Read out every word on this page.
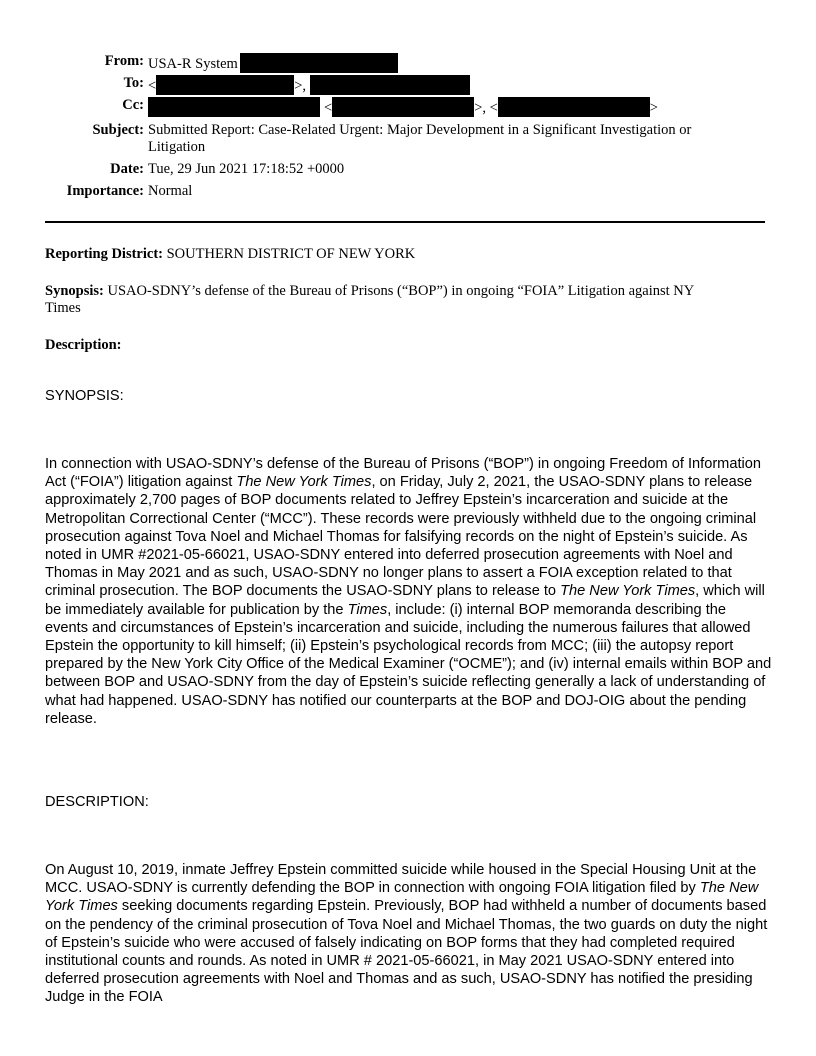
From: USA-R System
To: <	>,
Cc:	<	>, <	>
Subject: Submitted Report: Case-Related Urgent: Major Development in a Significant Investigation or
Litigation
Date: Tue, 29 Jun 2021 17:18:52 +0000
Importance: Normal
Reporting District: SOUTHERN DISTRICT OF NEW YORK
Synopsis: USAO-SDNY’s defense of the Bureau of Prisons (“BOP”) in ongoing “FOIA” Litigation against NY
Times
Description:
SYNOPSIS:
In connection with USAO-SDNY’s defense of the Bureau of Prisons (“BOP”) in ongoing Freedom of Information Act (“FOIA”) litigation against The New York Times, on Friday, July 2, 2021, the USAO-SDNY plans to release approximately 2,700 pages of BOP documents related to Jeffrey Epstein’s incarceration and suicide at the Metropolitan Correctional Center (“MCC”). These records were previously withheld due to the ongoing criminal prosecution against Tova Noel and Michael Thomas for falsifying records on the night of Epstein’s suicide. As noted in UMR #2021-05-66021, USAO-SDNY entered into deferred prosecution agreements with Noel and Thomas in May 2021 and as such, USAO-SDNY no longer plans to assert a FOIA exception related to that criminal prosecution. The BOP documents the USAO-SDNY plans to release to The New York Times, which will be immediately available for publication by the Times, include: (i) internal BOP memoranda describing the events and circumstances of Epstein’s incarceration and suicide, including the numerous failures that allowed Epstein the opportunity to kill himself; (ii) Epstein’s psychological records from MCC; (iii) the autopsy report prepared by the New York City Office of the Medical Examiner (“OCME”); and (iv) internal emails within BOP and between BOP and USAO-SDNY from the day of Epstein’s suicide reflecting generally a lack of understanding of what had happened. USAO-SDNY has notified our counterparts at the BOP and DOJ-OIG about the pending release.
DESCRIPTION:
On August 10, 2019, inmate Jeffrey Epstein committed suicide while housed in the Special Housing Unit at the MCC. USAO-SDNY is currently defending the BOP in connection with ongoing FOIA litigation filed by The New York Times seeking documents regarding Epstein. Previously, BOP had withheld a number of documents based on the pendency of the criminal prosecution of Tova Noel and Michael Thomas, the two guards on duty the night of Epstein’s suicide who were accused of falsely indicating on BOP forms that they had completed required institutional counts and rounds. As noted in UMR # 2021-05-66021, in May 2021 USAO-SDNY entered into deferred prosecution agreements with Noel and Thomas and as such, USAO-SDNY has notified the presiding Judge in the FOIA
